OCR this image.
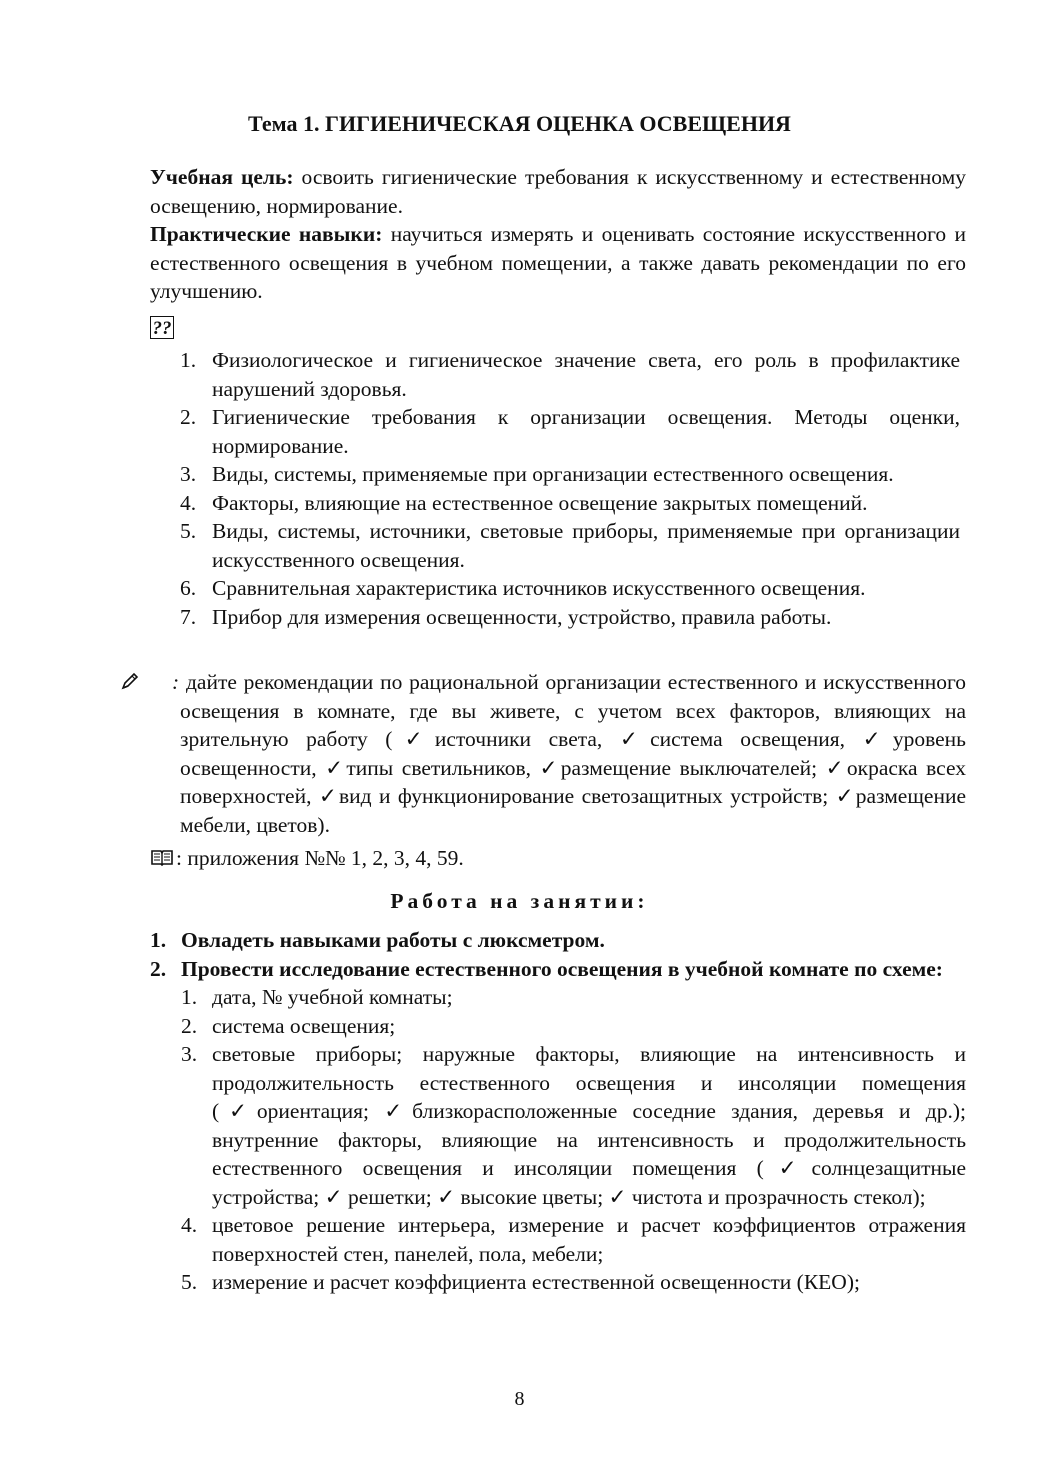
Тема 1. ГИГИЕНИЧЕСКАЯ ОЦЕНКА ОСВЕЩЕНИЯ
Учебная цель: освоить гигиенические требования к искусственному и естественному освещению, нормирование.
Практические навыки: научиться измерять и оценивать состояние искусственного и естественного освещения в учебном помещении, а также давать рекомендации по его улучшению.
??
1. Физиологическое и гигиеническое значение света, его роль в профилактике нарушений здоровья.
2. Гигиенические требования к организации освещения. Методы оценки, нормирование.
3. Виды, системы, применяемые при организации естественного освещения.
4. Факторы, влияющие на естественное освещение закрытых помещений.
5. Виды, системы, источники, световые приборы, применяемые при организации искусственного освещения.
6. Сравнительная характеристика источников искусственного освещения.
7. Прибор для измерения освещенности, устройство, правила работы.
: дайте рекомендации по рациональной организации естественного и искусственного освещения в комнате, где вы живете, с учетом всех факторов, влияющих на зрительную работу (✓источники света, ✓система освещения, ✓уровень освещенности, ✓типы светильников, ✓размещение выключателей; ✓окраска всех поверхностей, ✓вид и функционирование светозащитных устройств; ✓размещение мебели, цветов).
: приложения №№ 1, 2, 3, 4, 59.
Работа на занятии:
1. Овладеть навыками работы с люксметром.
2. Провести исследование естественного освещения в учебной комнате по схеме:
1. дата, № учебной комнаты;
2. система освещения;
3. световые приборы; наружные факторы, влияющие на интенсивность и продолжительность естественного освещения и инсоляции помещения (✓ориентация; ✓близкорасположенные соседние здания, деревья и др.); внутренние факторы, влияющие на интенсивность и продолжительность естественного освещения и инсоляции помещения (✓солнцезащитные устройства; ✓ решетки; ✓ высокие цветы; ✓ чистота и прозрачность стекол);
4. цветовое решение интерьера, измерение и расчет коэффициентов отражения поверхностей стен, панелей, пола, мебели;
5. измерение и расчет коэффициента естественной освещенности (КЕО);
8
